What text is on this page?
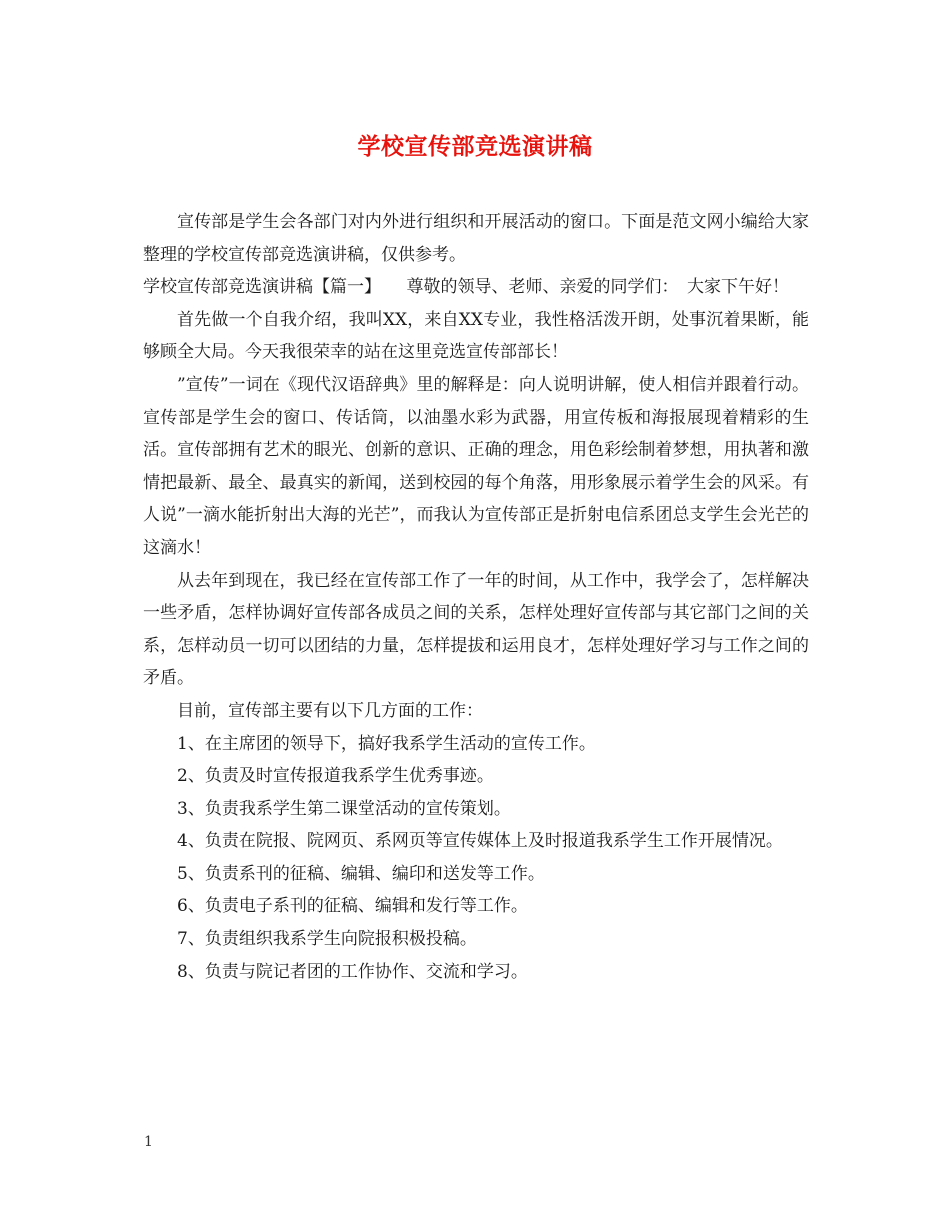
学校宣传部竞选演讲稿

宣传部是学生会各部门对内外进行组织和开展活动的窗口。下面是范文网小编给大家整理的学校宣传部竞选演讲稿，仅供参考。

学校宣传部竞选演讲稿【篇一】　　尊敬的领导、老师、亲爱的同学们：　大家下午好！

首先做一个自我介绍，我叫XX，来自XX专业，我性格活泼开朗，处事沉着果断，能够顾全大局。今天我很荣幸的站在这里竞选宣传部部长！

”宣传”一词在《现代汉语辞典》里的解释是：向人说明讲解，使人相信并跟着行动。宣传部是学生会的窗口、传话筒，以油墨水彩为武器，用宣传板和海报展现着精彩的生活。宣传部拥有艺术的眼光、创新的意识、正确的理念，用色彩绘制着梦想，用执著和激情把最新、最全、最真实的新闻，送到校园的每个角落，用形象展示着学生会的风采。有人说”一滴水能折射出大海的光芒”，而我认为宣传部正是折射电信系团总支学生会光芒的这滴水！

从去年到现在，我已经在宣传部工作了一年的时间，从工作中，我学会了，怎样解决一些矛盾，怎样协调好宣传部各成员之间的关系，怎样处理好宣传部与其它部门之间的关系，怎样动员一切可以团结的力量，怎样提拔和运用良才，怎样处理好学习与工作之间的矛盾。

目前，宣传部主要有以下几方面的工作：

1、在主席团的领导下，搞好我系学生活动的宣传工作。

2、负责及时宣传报道我系学生优秀事迹。

3、负责我系学生第二课堂活动的宣传策划。

4、负责在院报、院网页、系网页等宣传媒体上及时报道我系学生工作开展情况。

5、负责系刊的征稿、编辑、编印和送发等工作。

6、负责电子系刊的征稿、编辑和发行等工作。

7、负责组织我系学生向院报积极投稿。

8、负责与院记者团的工作协作、交流和学习。

1
